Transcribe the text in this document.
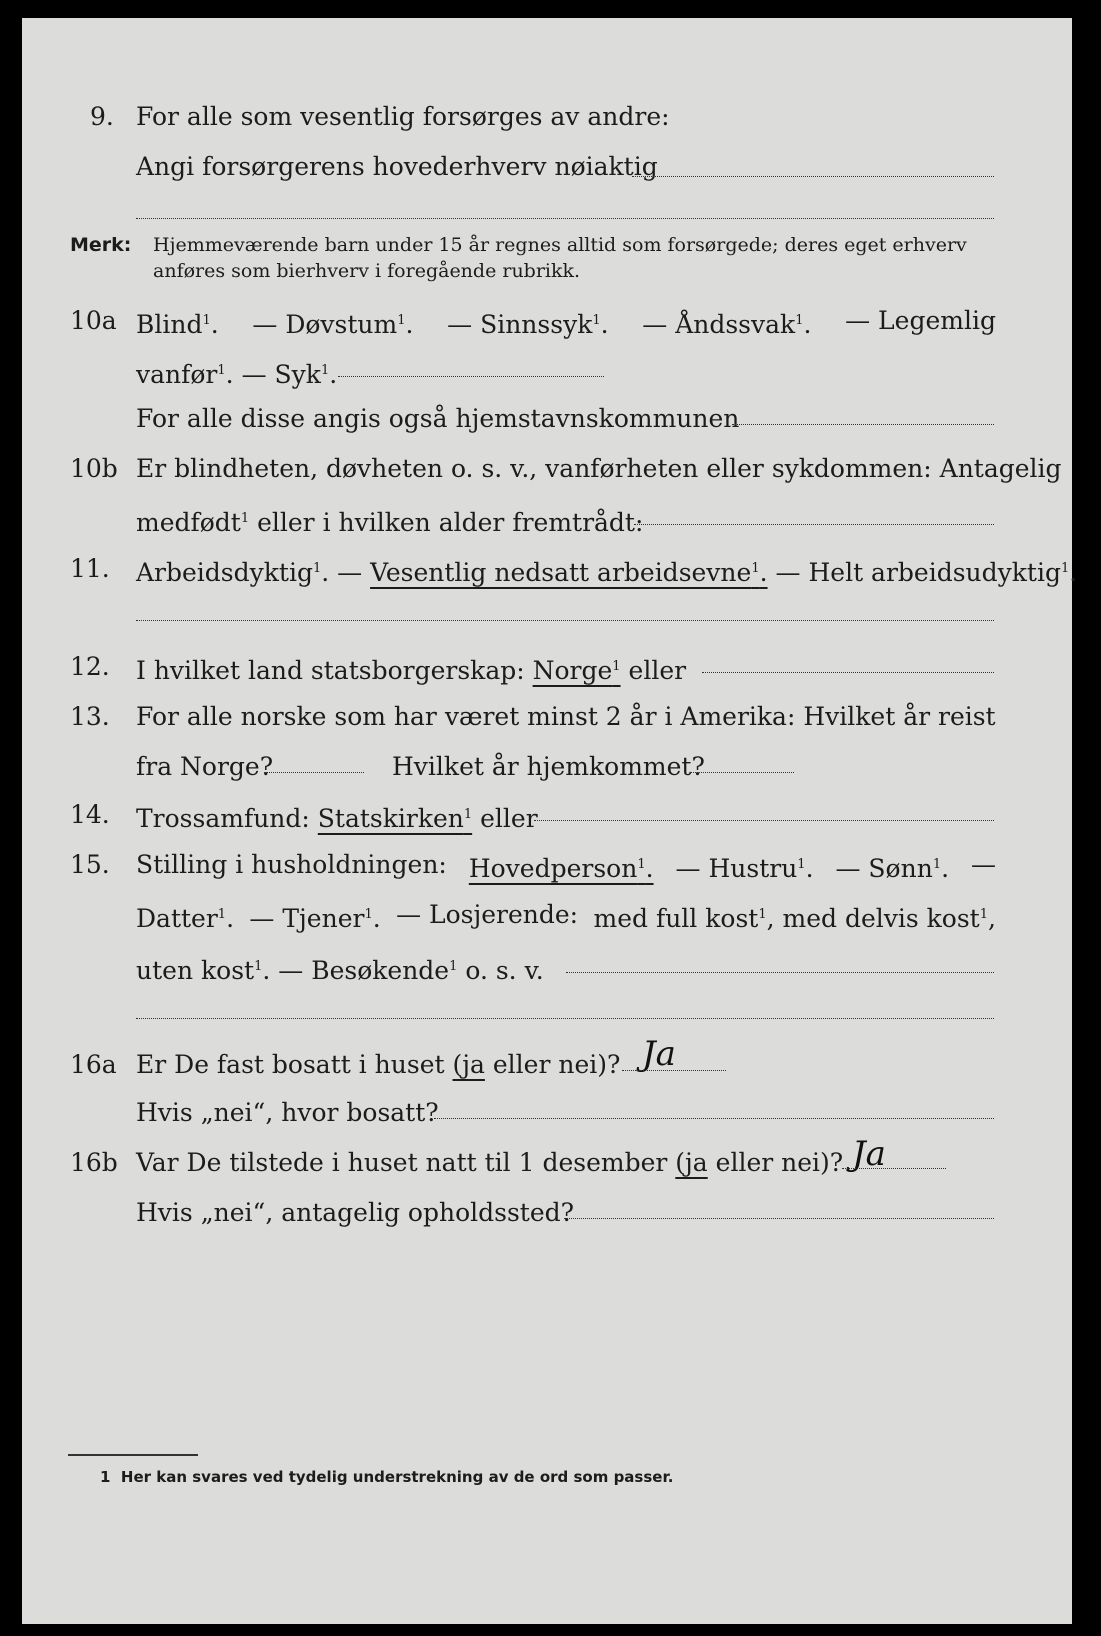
9. For alle som vesentlig forsørges av andre:
Angi forsørgerens hovederhverv nøiaktig
Merk: Hjemmeværende barn under 15 år regnes alltid som forsørgede; deres eget erhverv
anføres som bierhverv i foregående rubrikk.
10a Blind$^1$. — Døvstum$^1$. — Sinnssyk$^1$. — Åndssvak$^1$. — Legemlig
vanfør$^1$. — Syk$^1$.
For alle disse angis også hjemstavnskommunen
10b Er blindheten, døvheten o. s. v., vanførheten eller sykdommen: Antagelig
medfødt$^1$ eller i hvilken alder fremtrådt:
11. Arbeidsdyktig$^1$. — Vesentlig nedsatt arbeidsevne$^1$. — Helt arbeidsudyktig$^1$.
12. I hvilket land statsborgerskap: Norge$^1$ eller
13. For alle norske som har været minst 2 år i Amerika: Hvilket år reist
fra Norge?	Hvilket år hjemkommet?
14. Trossamfund: Statskirken$^1$ eller
15. Stilling i husholdningen: Hovedperson$^1$. — Hustru$^1$. — Sønn$^1$. —
Datter$^1$. — Tjener$^1$. — Losjerende: med full kost$^1$, med delvis kost$^1$,
uten kost$^1$. — Besøkende$^1$ o. s. v.
16a Er De fast bosatt i huset (ja eller nei)? Ja
Hvis „nei“, hvor bosatt?
16b Var De tilstede i huset natt til 1 desember (ja eller nei)? Ja
Hvis „nei“, antagelig opholdssted?
1 Her kan svares ved tydelig understrekning av de ord som passer.
